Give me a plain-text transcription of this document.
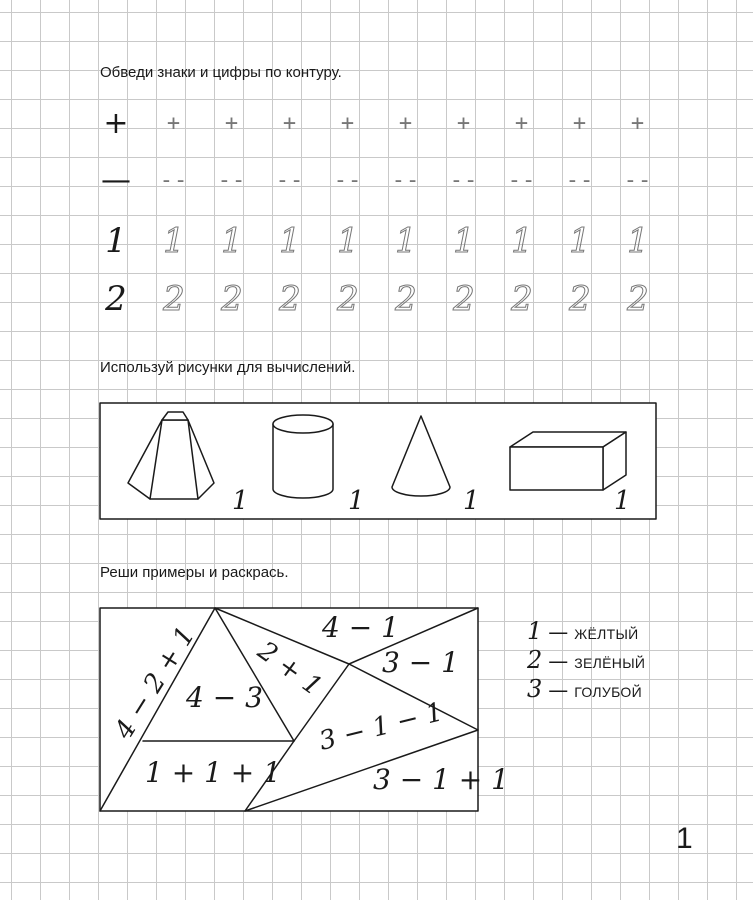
Обведи знаки и цифры по контуру.
Используй рисунки для вычислений.
Реши примеры и раскрась.
+	+	+	+	+	+	+	+	+	+
— -- -- -- -- -- -- -- -- --
1 1 1 1 1 1 1 1 1 1
2 2 2 2 2 2 2 2 2 2
1	1	1	1
4 − 2 + 1
4 − 3
2 + 1
4 − 1
3 − 1
3 − 1 − 1
1 + 1 + 1	3 − 1 + 1
1 — ЖЁЛТЫЙ
2 — ЗЕЛЁНЫЙ
3 — ГОЛУБОЙ
1
